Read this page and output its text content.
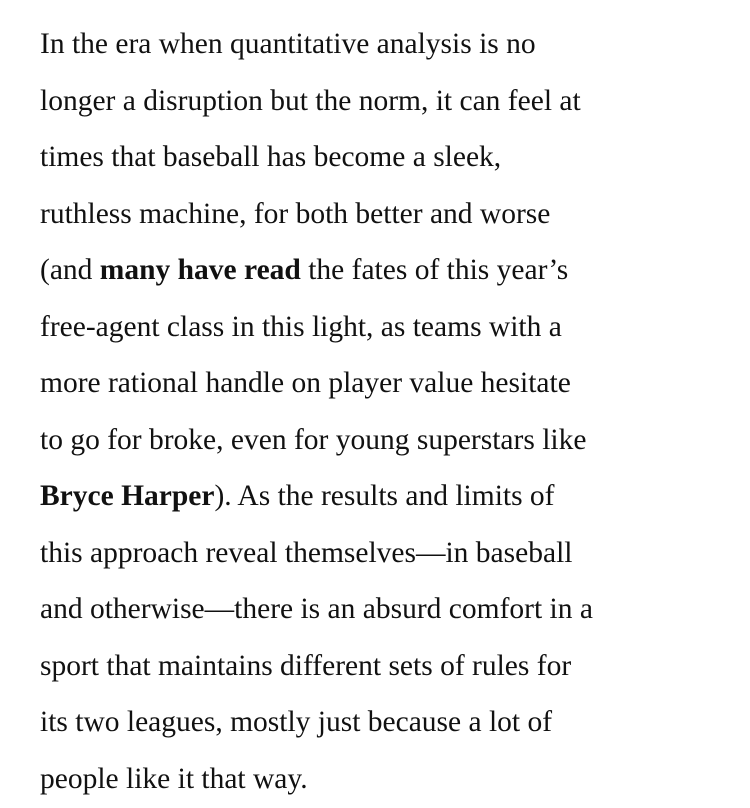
In the era when quantitative analysis is no
longer a disruption but the norm, it can feel at
times that baseball has become a sleek,
ruthless machine, for both better and worse
(and many have read the fates of this year’s
free-agent class in this light, as teams with a
more rational handle on player value hesitate
to go for broke, even for young superstars like
Bryce Harper). As the results and limits of
this approach reveal themselves—in baseball
and otherwise—there is an absurd comfort in a
sport that maintains different sets of rules for
its two leagues, mostly just because a lot of
people like it that way.
